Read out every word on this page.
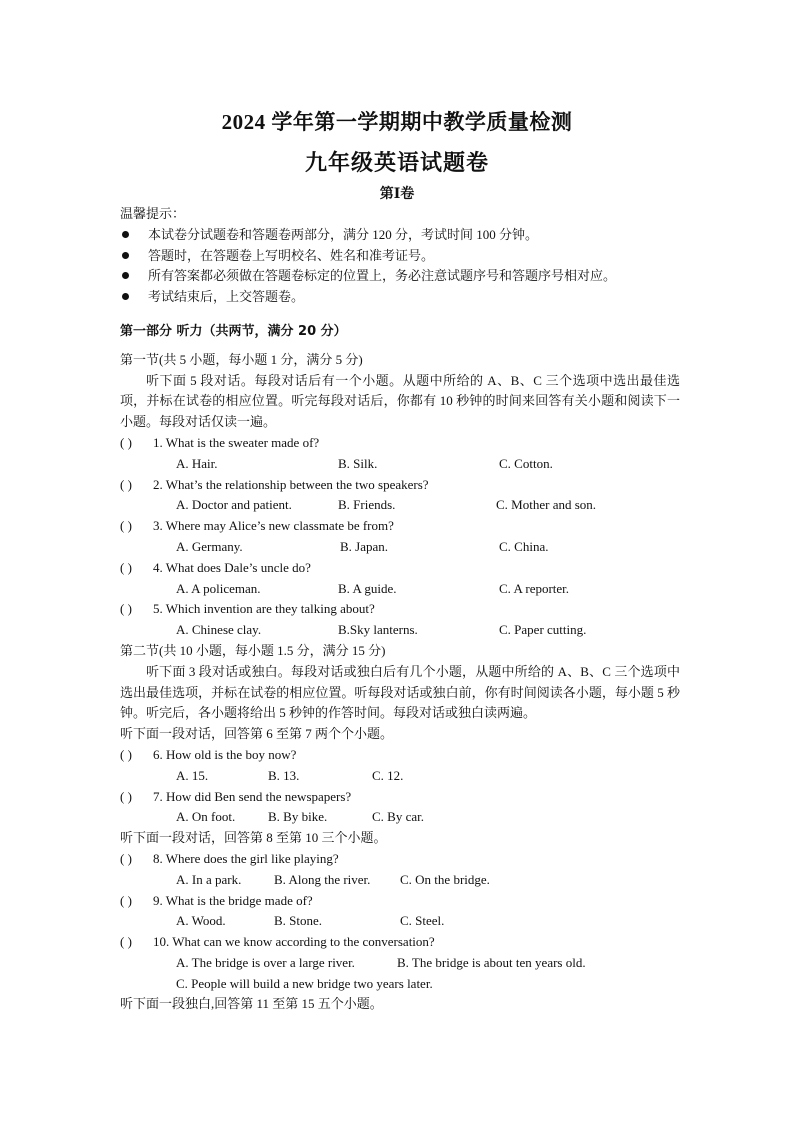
2024 学年第一学期期中教学质量检测
九年级英语试题卷
第Ⅰ卷
温馨提示：
本试卷分试题卷和答题卷两部分，满分 120 分，考试时间 100 分钟。
答题时，在答题卷上写明校名、姓名和准考证号。
所有答案都必须做在答题卷标定的位置上，务必注意试题序号和答题序号相对应。
考试结束后，上交答题卷。
第一部分 听力（共两节，满分 20 分）
第一节(共 5 小题，每小题 1 分，满分 5 分)
听下面 5 段对话。每段对话后有一个小题。从题中所给的 A、B、C 三个选项中选出最佳选项，并标在试卷的相应位置。听完每段对话后，你都有 10 秒钟的时间来回答有关小题和阅读下一小题。每段对话仅读一遍。
( ) 1. What is the sweater made of?
A. Hair.	B. Silk.	C. Cotton.
( ) 2. What’s the relationship between the two speakers?
A. Doctor and patient.	B. Friends.	C. Mother and son.
( ) 3. Where may Alice’s new classmate be from?
A. Germany.	B. Japan.	C. China.
( ) 4. What does Dale’s uncle do?
A. A policeman.	B. A guide.	C. A reporter.
( ) 5. Which invention are they talking about?
A. Chinese clay.	B.Sky lanterns.	C. Paper cutting.
第二节(共 10 小题，每小题 1.5 分，满分 15 分)
听下面 3 段对话或独白。每段对话或独白后有几个小题，从题中所给的 A、B、C 三个选项中选出最佳选项，并标在试卷的相应位置。听每段对话或独白前，你有时间阅读各小题，每小题 5 秒钟。听完后，各小题将给出 5 秒钟的作答时间。每段对话或独白读两遍。
听下面一段对话，回答第 6 至第 7 两个个小题。
( ) 6. How old is the boy now?
A. 15.	B. 13.	C. 12.
( ) 7. How did Ben send the newspapers?
A. On foot.	B. By bike.	C. By car.
听下面一段对话，回答第 8 至第 10 三个小题。
( ) 8. Where does the girl like playing?
A. In a park.	B. Along the river. C. On the bridge.
( ) 9. What is the bridge made of?
A. Wood.	B. Stone.	C. Steel.
( ) 10. What can we know according to the conversation?
A. The bridge is over a large river.	B. The bridge is about ten years old.
C. People will build a new bridge two years later.
听下面一段独白,回答第 11 至第 15 五个小题。
